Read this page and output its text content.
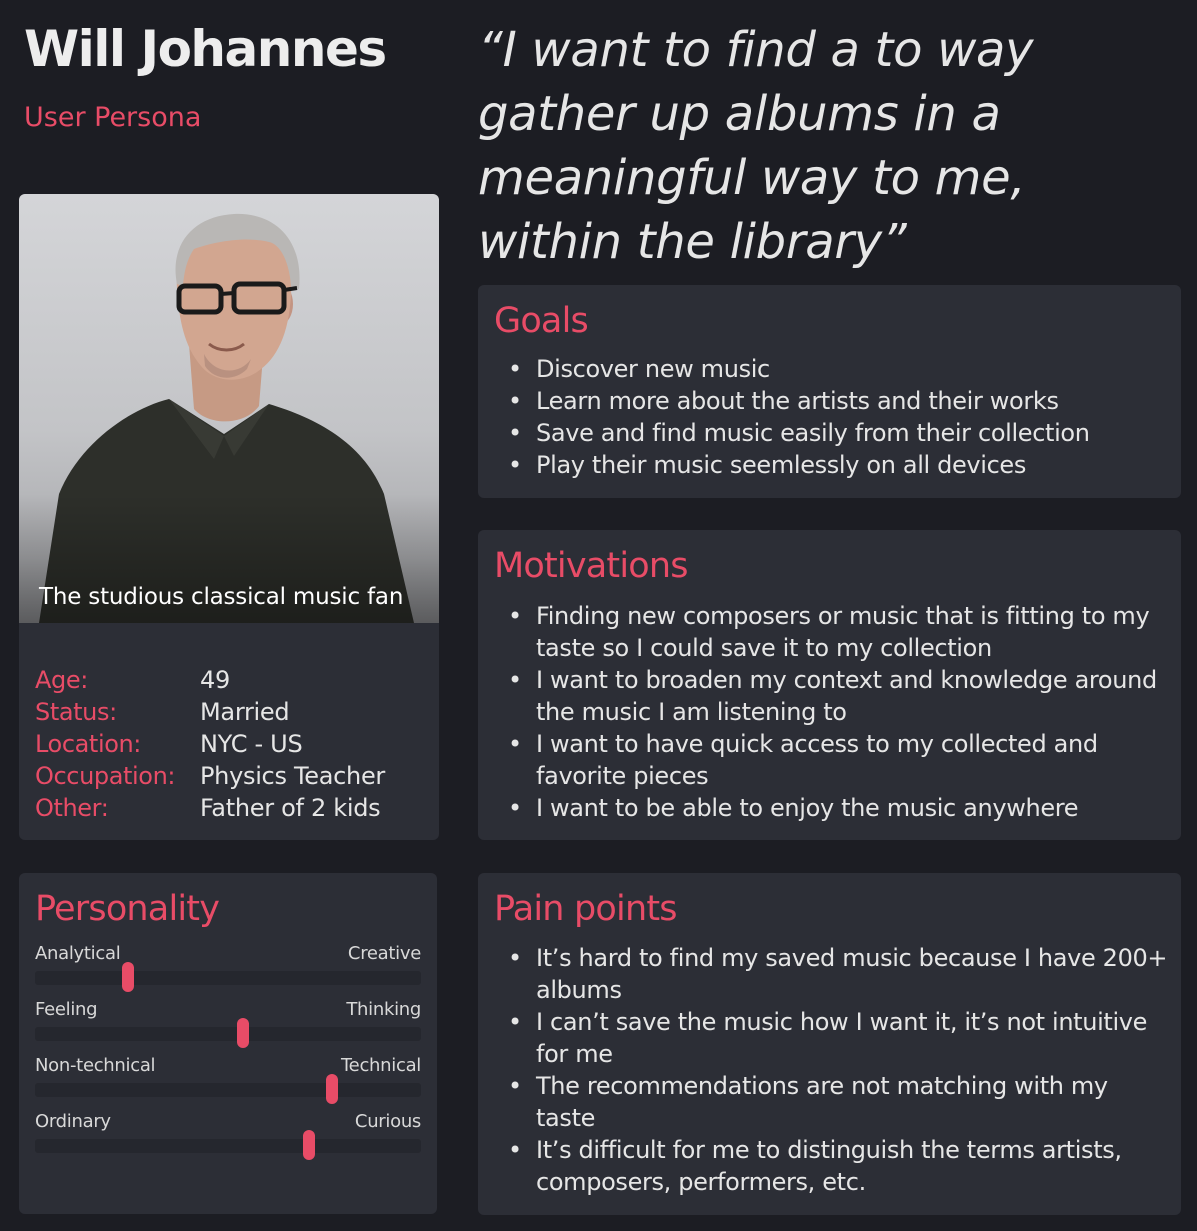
Will Johannes
User Persona
“I want to find a to way gather up albums in a meaningful way to me, within the library”
The studious classical music fan
Age:	49
Status:	Married
Location:	NYC - US
Occupation:	Physics Teacher
Other:	Father of 2 kids
Personality
Analytical	Creative
Feeling	Thinking
Non-technical	Technical
Ordinary	Curious
Goals
• Discover new music
• Learn more about the artists and their works
• Save and find music easily from their collection
• Play their music seemlessly on all devices
Motivations
• Finding new composers or music that is fitting to my taste so I could save it to my collection
• I want to broaden my context and knowledge around the music I am listening to
• I want to have quick access to my collected and favorite pieces
• I want to be able to enjoy the music anywhere
Pain points
• It’s hard to find my saved music because I have 200+ albums
• I can’t save the music how I want it, it’s not intuitive for me
• The recommendations are not matching with my taste
• It’s difficult for me to distinguish the terms artists, composers, performers, etc.
